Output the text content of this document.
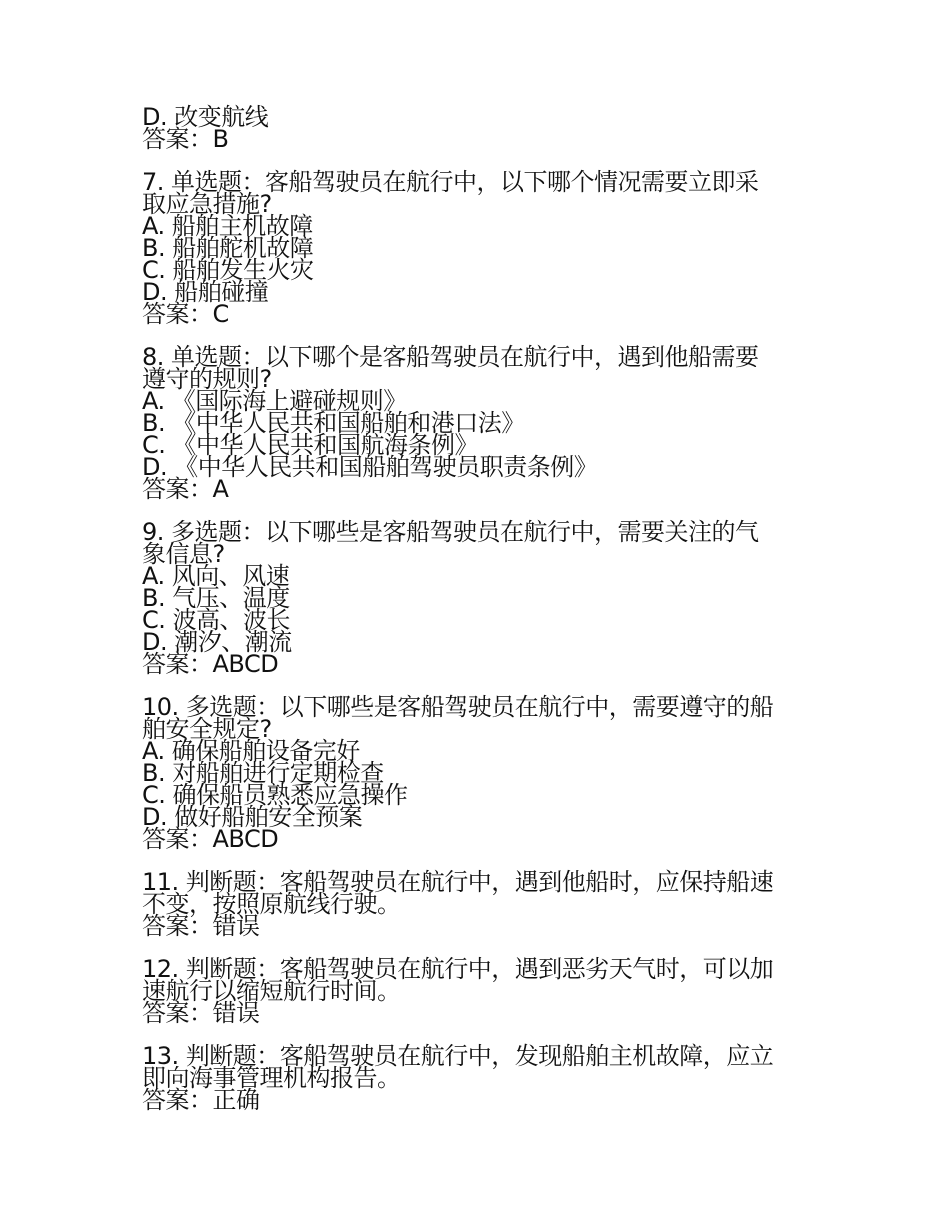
D. 改变航线

答案：B

7. 单选题：客船驾驶员在航行中，以下哪个情况需要立即采

取应急措施?

A. 船舶主机故障

B. 船舶舵机故障

C. 船舶发生火灾

D. 船舶碰撞

答案：C

8. 单选题：以下哪个是客船驾驶员在航行中，遇到他船需要

遵守的规则?

A. 《国际海上避碰规则》

B. 《中华人民共和国船舶和港口法》

C. 《中华人民共和国航海条例》

D. 《中华人民共和国船舶驾驶员职责条例》

答案：A

9. 多选题：以下哪些是客船驾驶员在航行中，需要关注的气

象信息?

A. 风向、风速

B. 气压、温度

C. 波高、波长

D. 潮汐、潮流

答案：ABCD

10. 多选题：以下哪些是客船驾驶员在航行中，需要遵守的船

舶安全规定?

A. 确保船舶设备完好

B. 对船舶进行定期检查

C. 确保船员熟悉应急操作

D. 做好船舶安全预案

答案：ABCD

11. 判断题：客船驾驶员在航行中，遇到他船时，应保持船速

不变，按照原航线行驶。

答案：错误

12. 判断题：客船驾驶员在航行中，遇到恶劣天气时，可以加

速航行以缩短航行时间。

答案：错误

13. 判断题：客船驾驶员在航行中，发现船舶主机故障，应立

即向海事管理机构报告。

答案：正确
